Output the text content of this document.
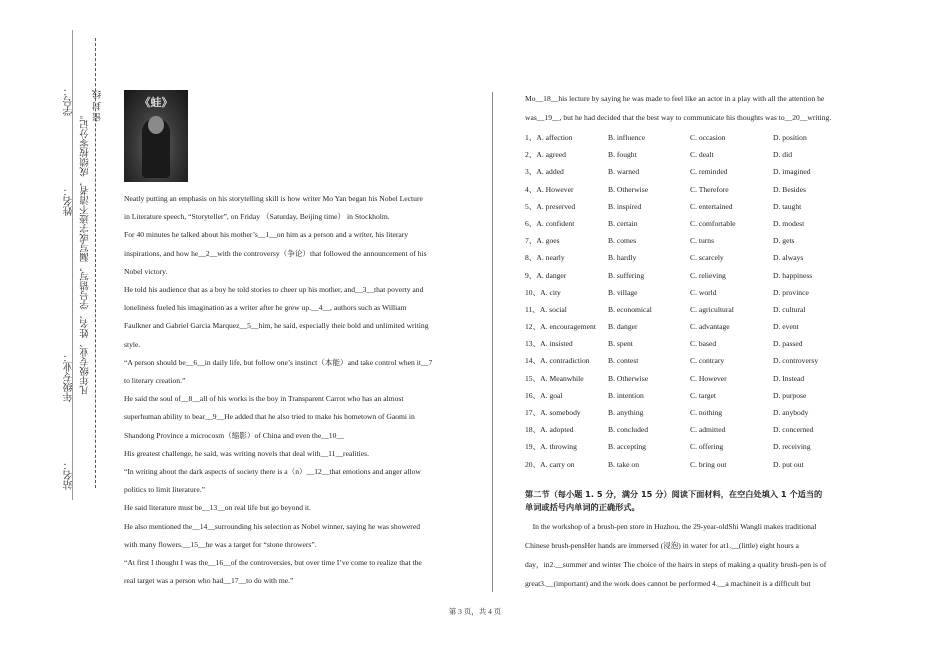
学号：
姓名：
年级专业：
站名：
凡年级专业、姓名、学号错写，漏写或字迹不清者，成绩按零分记。
密 封 线	《蛙》
Neatly putting an emphasis on his storytelling skill is how writer Mo Yan began his Nobel Lecture
in Literature speech, “Storyteller”, on Friday （Saturday, Beijing time） in Stockholm.
For 40 minutes he talked about his mother’s__1__on him as a person and a writer, his literary
inspirations, and how he__2__with the controversy（争论）that followed the announcement of his
Nobel victory.
He told his audience that as a boy he told stories to cheer up his mother, and__3__that poverty and
loneliness fueled his imagination as a writer after he grew up.__4__, authors such as William
Faulkner and Gabriel Garcia Marquez__5__him, he said, especially their bold and unlimited writing
style.
“A person should be__6__in daily life, but follow one’s instinct（本能）and take control when it__7
to literary creation.”
He said the soul of__8__all of his works is the boy in Transparent Carrot who has an almost
superhuman ability to bear__9__He added that he also tried to make his hometown of Gaomi in
Shandong Province a microcosm（缩影）of China and even the__10__
His greatest challenge, he said, was writing novels that deal with__11__realities.
“In writing about the dark aspects of society there is a（n）__12__that emotions and anger allow
politics to limit literature.”
He said literature must be__13__on real life but go beyond it.
He also mentioned the__14__surrounding his selection as Nobel winner, saying he was showered
with many flowers.__15__he was a target for “stone throwers”.
“At first I thought I was the__16__of the controversies, but over time I’ve come to realize that the
real target was a person who had__17__to do with me.”
Mo__18__his lecture by saying he was made to feel like an actor in a play with all the attention he
was__19__, but he had decided that the best way to communicate his thoughts was to__20__writing.
1、A. affection	B. influence	C. occasion	D. position
2、A. agreed	B. fought	C. dealt	D. did
3、A. added	B. warned	C. reminded	D. imagined
4、A. However	B. Otherwise	C. Therefore	D. Besides
5、A. preserved	B. inspired	C. entertained	D. taught
6、A. confident	B. certain	C. comfortable	D. modest
7、A. goes	B. comes	C. turns	D. gets
8、A. nearly	B. hardly	C. scarcely	D. always
9、A. danger	B. suffering	C. relieving	D. happiness
10、A. city	B. village	C. world	D. province
11、A. social	B. economical	C. agricultural	D. cultural
12、A. encouragement	B. danger	C. advantage	D. event
13、A. insisted	B. spent	C. based	D. passed
14、A. contradiction	B. contest	C. contrary	D. controversy
15、A. Meanwhile	B. Otherwise	C. However	D. Instead
16、A. goal	B. intention	C. target	D. purpose
17、A. somebody	B. anything	C. nothing	D. anybody
18、A. adopted	B. concluded	C. admitted	D. concerned
19、A. throwing	B. accepting	C. offering	D. receiving
20、A. carry on	B. take on	C. bring out	D. put out
第二节（每小题 1. 5 分，满分 15 分）阅读下面材料，在空白处填入 1 个适当的
单词或括号内单词的正确形式。
In the workshop of a brush-pen store in Huzhou, the 29-year-oldShi Wangli makes traditional
Chinese brush-pensHer hands are immersed (浸泡) in water for at1.__(little) eight hours a
day，in2.__summer and winter The choice of the hairs in steps of making a quality brush-pen is of
great3.__(important) and the work does cannot be performed 4.__a machineit is a difficult but
第 3 页，共 4 页
